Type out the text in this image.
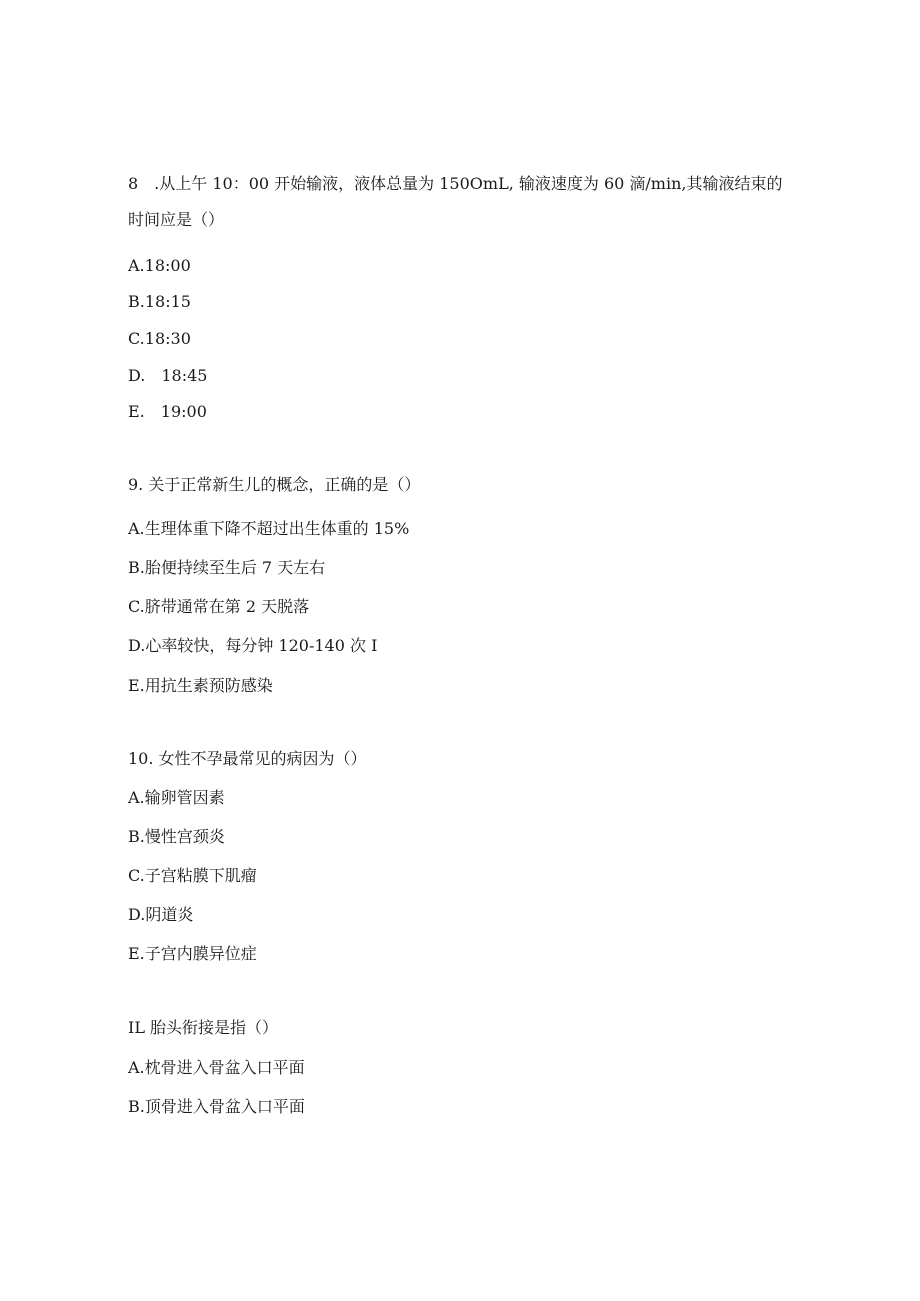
8　.从上午 10：00 开始输液，液体总量为 150OmL, 输液速度为 60 滴/min,其输液结束的
时间应是（）
A.18:00
B.18:15
C.18:30
D.　18:45
E.　19:00
9. 关于正常新生儿的概念，正确的是（）
A.生理体重下降不超过出生体重的 15%
B.胎便持续至生后 7 天左右
C.脐带通常在第 2 天脱落
D.心率较快，每分钟 120-140 次 I
E.用抗生素预防感染
10. 女性不孕最常见的病因为（）
A.输卵管因素
B.慢性宫颈炎
C.子宫粘膜下肌瘤
D.阴道炎
E.子宫内膜异位症
IL 胎头衔接是指（）
A.枕骨进入骨盆入口平面
B.顶骨进入骨盆入口平面
